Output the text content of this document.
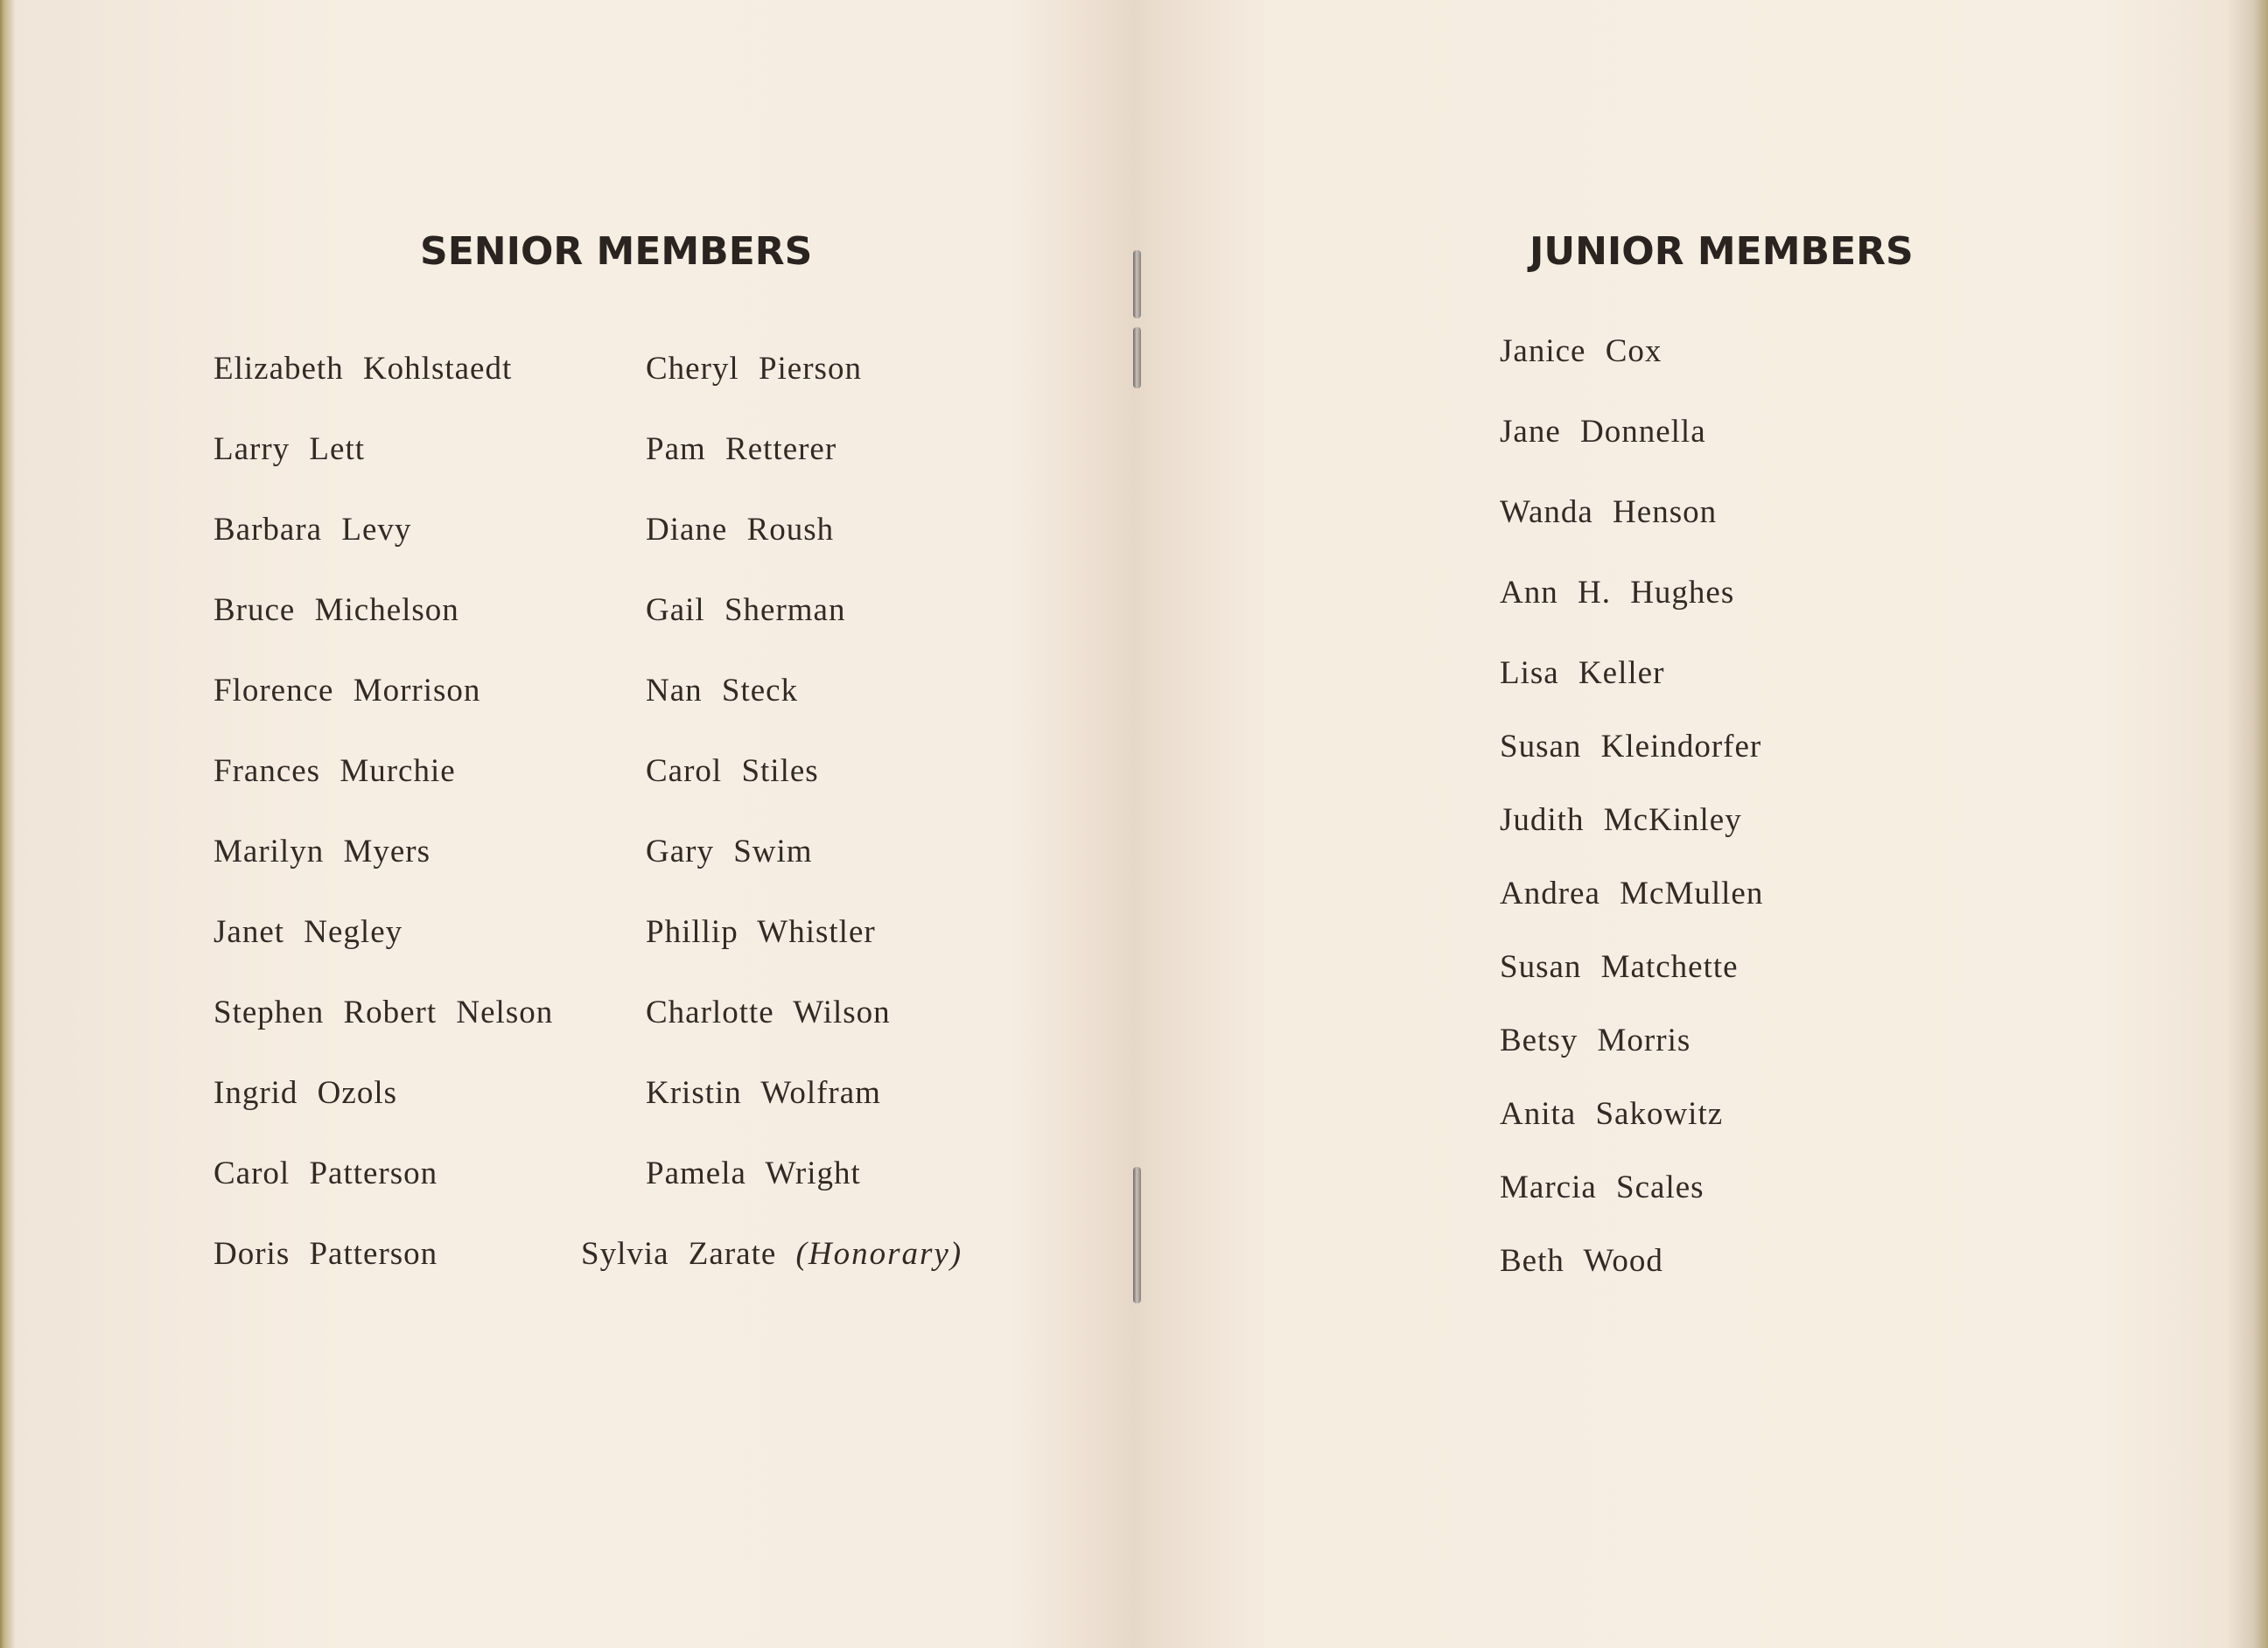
SENIOR MEMBERS
Elizabeth Kohlstaedt
Larry Lett
Barbara Levy
Bruce Michelson
Florence Morrison
Frances Murchie
Marilyn Myers
Janet Negley
Stephen Robert Nelson
Ingrid Ozols
Carol Patterson
Doris Patterson
Cheryl Pierson
Pam Retterer
Diane Roush
Gail Sherman
Nan Steck
Carol Stiles
Gary Swim
Phillip Whistler
Charlotte Wilson
Kristin Wolfram
Pamela Wright
Sylvia Zarate (Honorary)
JUNIOR MEMBERS
Janice Cox
Jane Donnella
Wanda Henson
Ann H. Hughes
Lisa Keller
Susan Kleindorfer
Judith McKinley
Andrea McMullen
Susan Matchette
Betsy Morris
Anita Sakowitz
Marcia Scales
Beth Wood
